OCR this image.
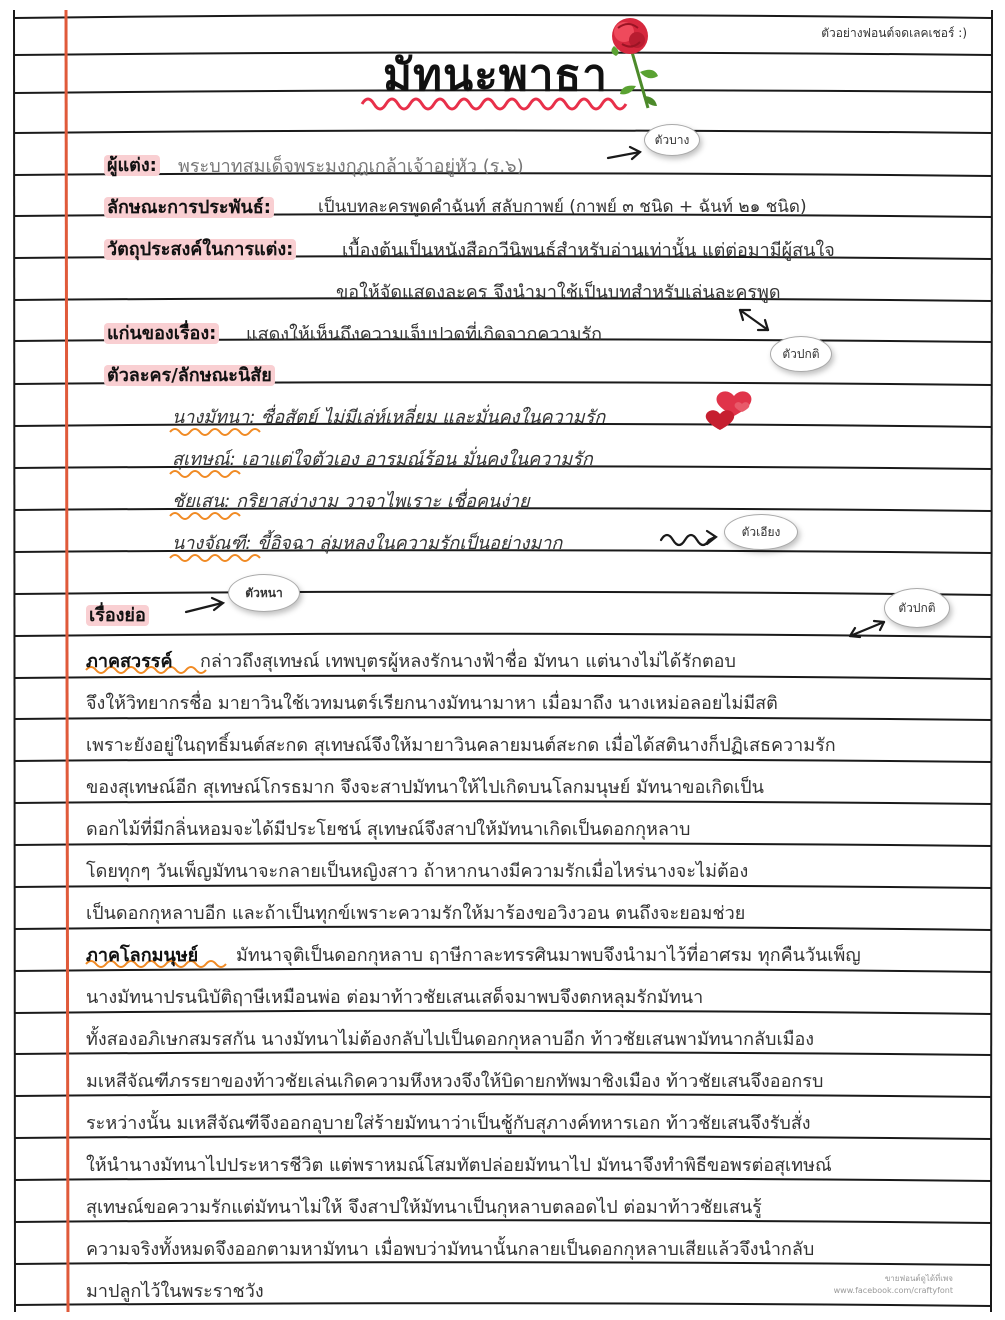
ตัวอย่างฟอนต์จดเลคเชอร์ :)
มัทนะพาธา
ผู้แต่ง: พระบาทสมเด็จพระมงกุฎเกล้าเจ้าอยู่หัว (ร.๖)
ลักษณะการประพันธ์:	เป็นบทละครพูดคำฉันท์ สลับกาพย์ (กาพย์ ๓ ชนิด + ฉันท์ ๒๑ ชนิด)
วัตถุประสงค์ในการแต่ง:	เบื้องต้นเป็นหนังสือกวีนิพนธ์สำหรับอ่านเท่านั้น แต่ต่อมามีผู้สนใจ
ขอให้จัดแสดงละคร จึงนำมาใช้เป็นบทสำหรับเล่นละครพูด
แก่นของเรื่อง: แสดงให้เห็นถึงความเจ็บปวดที่เกิดจากความรัก
ตัวละคร/ลักษณะนิสัย
นางมัทนา: ซื่อสัตย์ ไม่มีเล่ห์เหลี่ยม และมั่นคงในความรัก
สุเทษณ์: เอาแต่ใจตัวเอง อารมณ์ร้อน มั่นคงในความรัก
ชัยเสน: กริยาสง่างาม วาจาไพเราะ เชื่อคนง่าย
นางจัณฑี: ขี้อิจฉา ลุ่มหลงในความรักเป็นอย่างมาก
ตัวบาง
ตัวปกติ
ตัวเอียง
ตัวหนา
ตัวปกติ
เรื่องย่อ
ภาคสวรรค์ กล่าวถึงสุเทษณ์ เทพบุตรผู้หลงรักนางฟ้าชื่อ มัทนา แต่นางไม่ได้รักตอบ
จึงให้วิทยากรชื่อ มายาวินใช้เวทมนตร์เรียกนางมัทนามาหา เมื่อมาถึง นางเหม่อลอยไม่มีสติ
เพราะยังอยู่ในฤทธิ์มนต์สะกด สุเทษณ์จึงให้มายาวินคลายมนต์สะกด เมื่อได้สตินางก็ปฏิเสธความรัก
ของสุเทษณ์อีก สุเทษณ์โกรธมาก จึงจะสาปมัทนาให้ไปเกิดบนโลกมนุษย์ มัทนาขอเกิดเป็น
ดอกไม้ที่มีกลิ่นหอมจะได้มีประโยชน์ สุเทษณ์จึงสาปให้มัทนาเกิดเป็นดอกกุหลาบ
โดยทุกๆ วันเพ็ญมัทนาจะกลายเป็นหญิงสาว ถ้าหากนางมีความรักเมื่อไหร่นางจะไม่ต้อง
เป็นดอกกุหลาบอีก และถ้าเป็นทุกข์เพราะความรักให้มาร้องขอวิงวอน ตนถึงจะยอมช่วย
ภาคโลกมนุษย์ มัทนาจุติเป็นดอกกุหลาบ ฤาษีกาละทรรศินมาพบจึงนำมาไว้ที่อาศรม ทุกคืนวันเพ็ญ
นางมัทนาปรนนิบัติฤาษีเหมือนพ่อ ต่อมาท้าวชัยเสนเสด็จมาพบจึงตกหลุมรักมัทนา
ทั้งสองอภิเษกสมรสกัน นางมัทนาไม่ต้องกลับไปเป็นดอกกุหลาบอีก ท้าวชัยเสนพามัทนากลับเมือง
มเหสีจัณฑีภรรยาของท้าวชัยเล่นเกิดความหึงหวงจึงให้บิดายกทัพมาชิงเมือง ท้าวชัยเสนจึงออกรบ
ระหว่างนั้น มเหสีจัณฑีจึงออกอุบายใส่ร้ายมัทนาว่าเป็นชู้กับสุภางค์ทหารเอก ท้าวชัยเสนจึงรับสั่ง
ให้นำนางมัทนาไปประหารชีวิต แต่พราหมณ์โสมทัตปล่อยมัทนาไป มัทนาจึงทำพิธีขอพรต่อสุเทษณ์
สุเทษณ์ขอความรักแต่มัทนาไม่ให้ จึงสาปให้มัทนาเป็นกุหลาบตลอดไป ต่อมาท้าวชัยเสนรู้
ความจริงทั้งหมดจึงออกตามหามัทนา เมื่อพบว่ามัทนานั้นกลายเป็นดอกกุหลาบเสียแล้วจึงนำกลับ
มาปลูกไว้ในพระราชวัง
ขายฟอนต์ดูได้ที่เพจ
www.facebook.com/craftyfont
